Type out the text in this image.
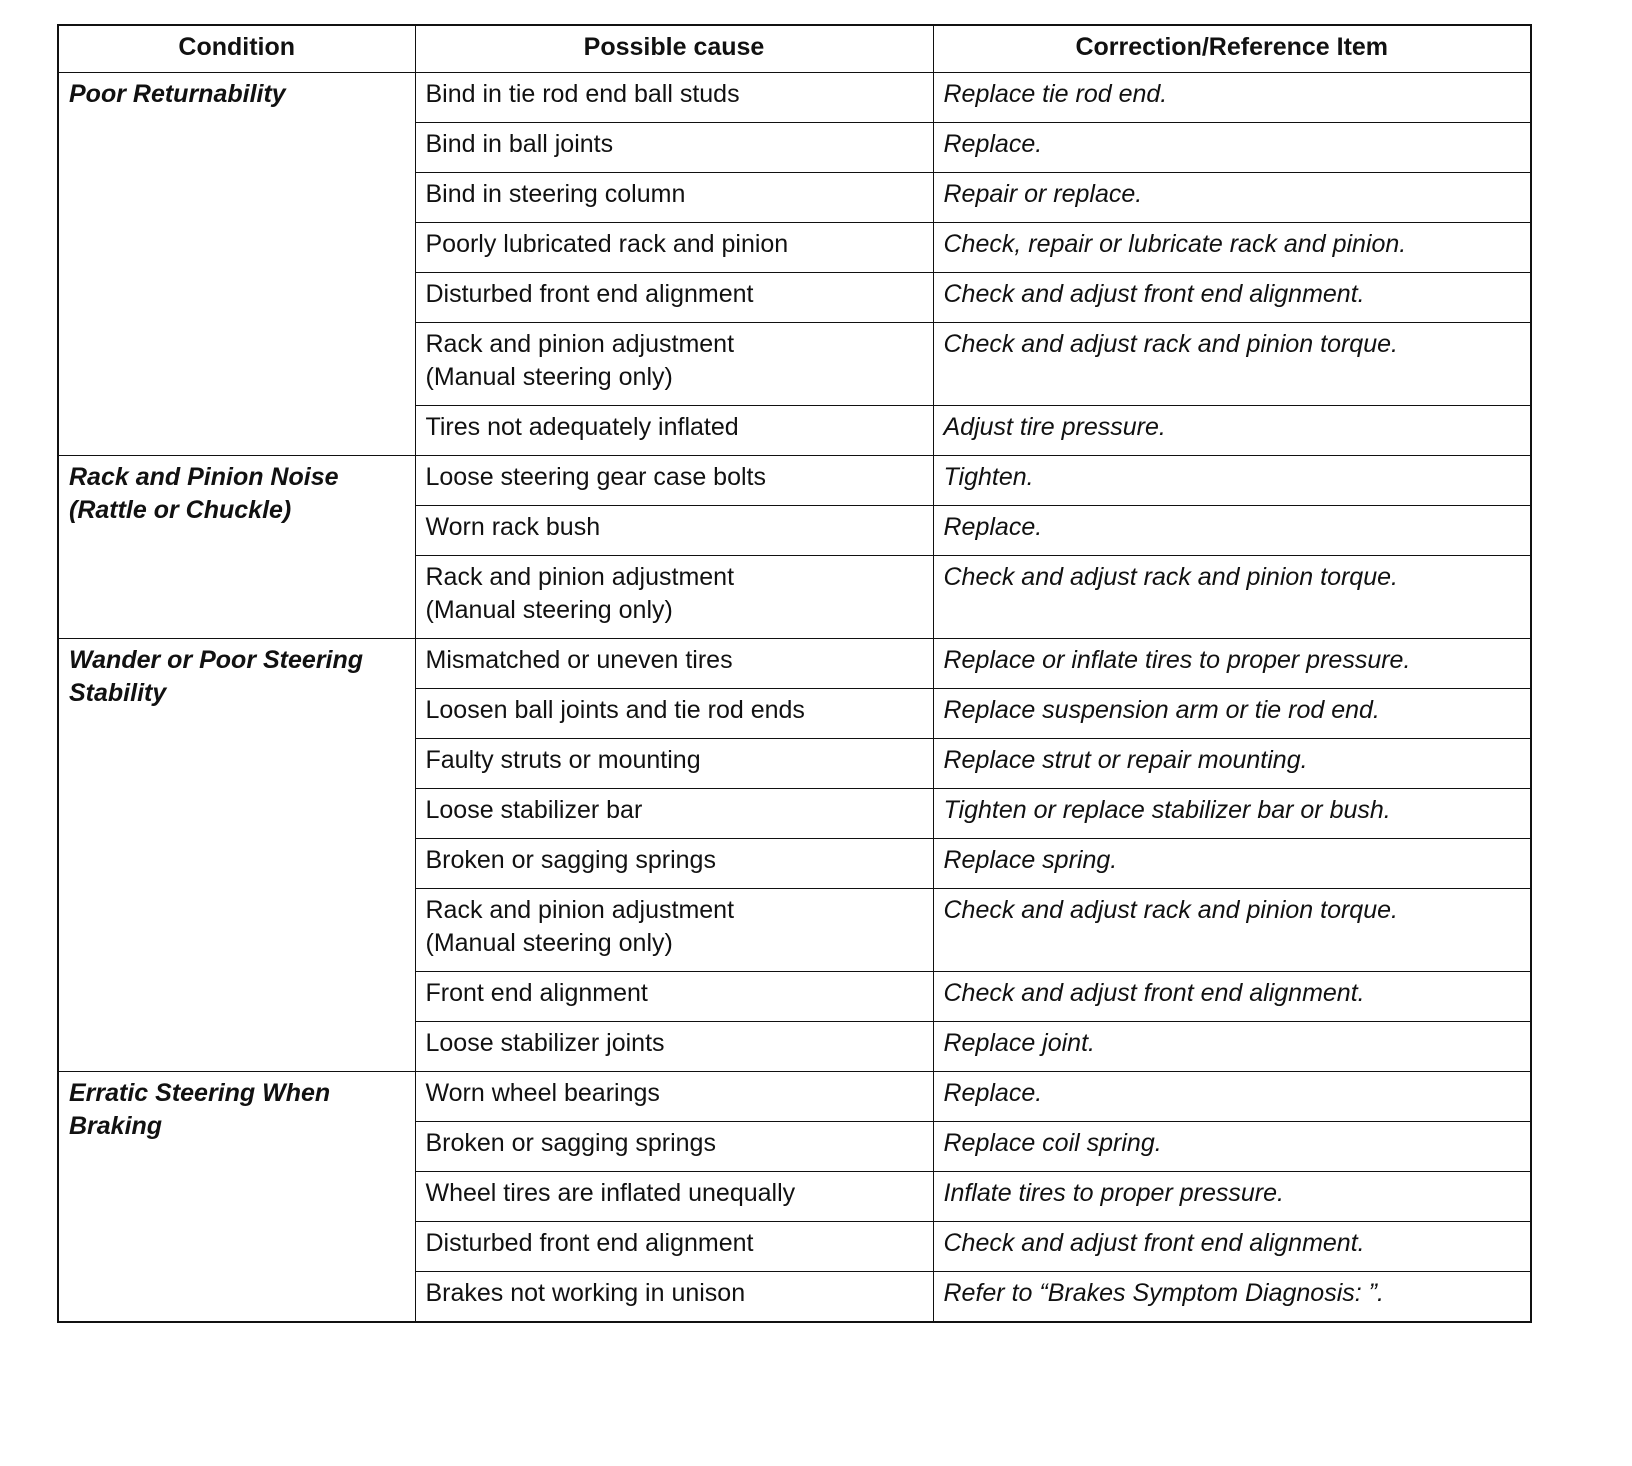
Condition	Possible cause	Correction/Reference Item

Poor Returnability	Bind in tie rod end ball studs	Replace tie rod end.

	Bind in ball joints	Replace.

	Bind in steering column	Repair or replace.

	Poorly lubricated rack and pinion	Check, repair or lubricate rack and pinion.

	Disturbed front end alignment	Check and adjust front end alignment.

	Rack and pinion adjustment
(Manual steering only)	Check and adjust rack and pinion torque.

	Tires not adequately inflated	Adjust tire pressure.

Rack and Pinion Noise
(Rattle or Chuckle)	Loose steering gear case bolts	Tighten.

	Worn rack bush	Replace.

	Rack and pinion adjustment
(Manual steering only)	Check and adjust rack and pinion torque.

Wander or Poor Steering
Stability	Mismatched or uneven tires	Replace or inflate tires to proper pressure.

	Loosen ball joints and tie rod ends	Replace suspension arm or tie rod end.

	Faulty struts or mounting	Replace strut or repair mounting.

	Loose stabilizer bar	Tighten or replace stabilizer bar or bush.

	Broken or sagging springs	Replace spring.

	Rack and pinion adjustment
(Manual steering only)	Check and adjust rack and pinion torque.

	Front end alignment	Check and adjust front end alignment.

	Loose stabilizer joints	Replace joint.

Erratic Steering When
Braking	Worn wheel bearings	Replace.

	Broken or sagging springs	Replace coil spring.

	Wheel tires are inflated unequally	Inflate tires to proper pressure.

	Disturbed front end alignment	Check and adjust front end alignment.

	Brakes not working in unison	Refer to “Brakes Symptom Diagnosis: ”.
